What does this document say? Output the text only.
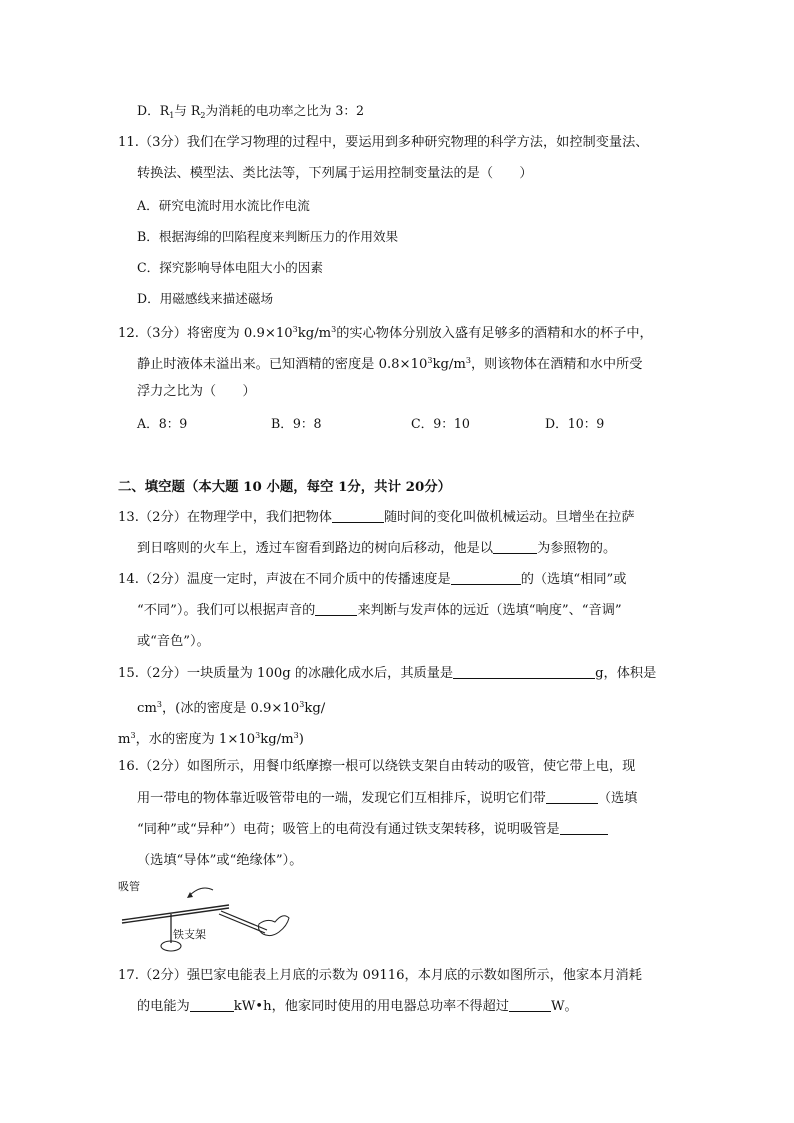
D．$R_1$与 $R_2$为消耗的电功率之比为 3：2
11.（3分）我们在学习物理的过程中，要运用到多种研究物理的科学方法，如控制变量法、
转换法、模型法、类比法等，下列属于运用控制变量法的是（　　）
A．研究电流时用水流比作电流
B．根据海绵的凹陷程度来判断压力的作用效果
C．探究影响导体电阻大小的因素
D．用磁感线来描述磁场
12.（3分）将密度为 $0.9\times 10^3kg/m^3$的实心物体分别放入盛有足够多的酒精和水的杯子中，
静止时液体未溢出来。已知酒精的密度是 $0.8\times 10^3kg/m^3$，则该物体在酒精和水中所受
浮力之比为（　　）
A．8：9	B．9：8	C．9：10	D．10：9
二、填空题（本大题 10 小题，每空 1分，共计 20分）
13.（2分）在物理学中，我们把物体	随时间的变化叫做机械运动。旦增坐在拉萨
到日喀则的火车上，透过车窗看到路边的树向后移动，他是以	为参照物的。
14.（2分）温度一定时，声波在不同介质中的传播速度是	的（选填“相同”或
“不同”）。我们可以根据声音的	来判断与发声体的远近（选填“响度”、“音调”
或“音色”）。
15.（2分）一块质量为 100g 的冰融化成水后，其质量是	g，体积是
$cm^3$，(冰的密度是 $0.9\times 10^3kg/$
$m^3$，水的密度为 $1\times 10^3kg/m^3$)
16.（2分）如图所示，用餐巾纸摩擦一根可以绕铁支架自由转动的吸管，使它带上电，现
用一带电的物体靠近吸管带电的一端，发现它们互相排斥，说明它们带	（选填
“同种”或“异种”）电荷；吸管上的电荷没有通过铁支架转移，说明吸管是
（选填“导体”或“绝缘体”）。
吸管
铁支架
17.（2分）强巴家电能表上月底的示数为 09116，本月底的示数如图所示，他家本月消耗
的电能为	kW•h，他家同时使用的用电器总功率不得超过	W。
